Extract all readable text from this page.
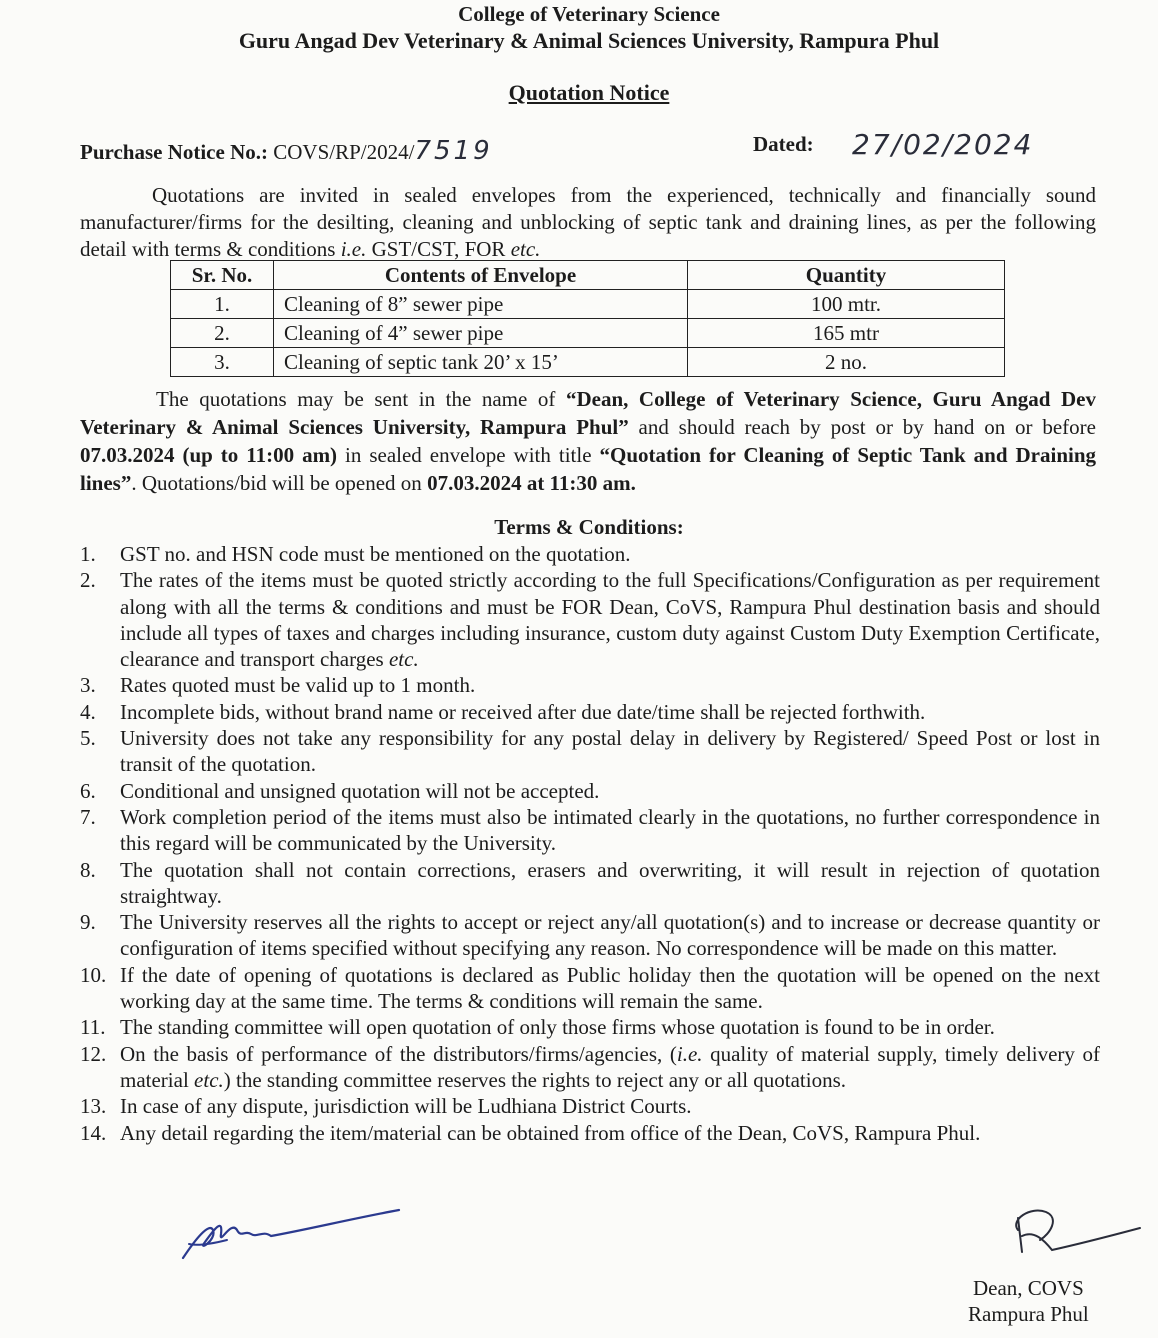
College of Veterinary Science
Guru Angad Dev Veterinary & Animal Sciences University, Rampura Phul
Quotation Notice
Purchase Notice No.: COVS/RP/2024/7519	Dated: 27/02/2024
Quotations are invited in sealed envelopes from the experienced, technically and financially sound manufacturer/firms for the desilting, cleaning and unblocking of septic tank and draining lines, as per the following detail with terms & conditions i.e. GST/CST, FOR etc.
Sr. No.	Contents of Envelope	Quantity
1.	Cleaning of 8” sewer pipe	100 mtr.
2.	Cleaning of 4” sewer pipe	165 mtr
3.	Cleaning of septic tank 20’ x 15’	2 no.
The quotations may be sent in the name of “Dean, College of Veterinary Science, Guru Angad Dev Veterinary & Animal Sciences University, Rampura Phul” and should reach by post or by hand on or before 07.03.2024 (up to 11:00 am) in sealed envelope with title “Quotation for Cleaning of Septic Tank and Draining lines”. Quotations/bid will be opened on 07.03.2024 at 11:30 am.
Terms & Conditions:
1. GST no. and HSN code must be mentioned on the quotation.
2. The rates of the items must be quoted strictly according to the full Specifications/Configuration as per requirement along with all the terms & conditions and must be FOR Dean, CoVS, Rampura Phul destination basis and should include all types of taxes and charges including insurance, custom duty against Custom Duty Exemption Certificate, clearance and transport charges etc.
3. Rates quoted must be valid up to 1 month.
4. Incomplete bids, without brand name or received after due date/time shall be rejected forthwith.
5. University does not take any responsibility for any postal delay in delivery by Registered/ Speed Post or lost in transit of the quotation.
6. Conditional and unsigned quotation will not be accepted.
7. Work completion period of the items must also be intimated clearly in the quotations, no further correspondence in this regard will be communicated by the University.
8. The quotation shall not contain corrections, erasers and overwriting, it will result in rejection of quotation straightway.
9. The University reserves all the rights to accept or reject any/all quotation(s) and to increase or decrease quantity or configuration of items specified without specifying any reason. No correspondence will be made on this matter.
10. If the date of opening of quotations is declared as Public holiday then the quotation will be opened on the next working day at the same time. The terms & conditions will remain the same.
11. The standing committee will open quotation of only those firms whose quotation is found to be in order.
12. On the basis of performance of the distributors/firms/agencies, (i.e. quality of material supply, timely delivery of material etc.) the standing committee reserves the rights to reject any or all quotations.
13. In case of any dispute, jurisdiction will be Ludhiana District Courts.
14. Any detail regarding the item/material can be obtained from office of the Dean, CoVS, Rampura Phul.
Dean, COVS
Rampura Phul
